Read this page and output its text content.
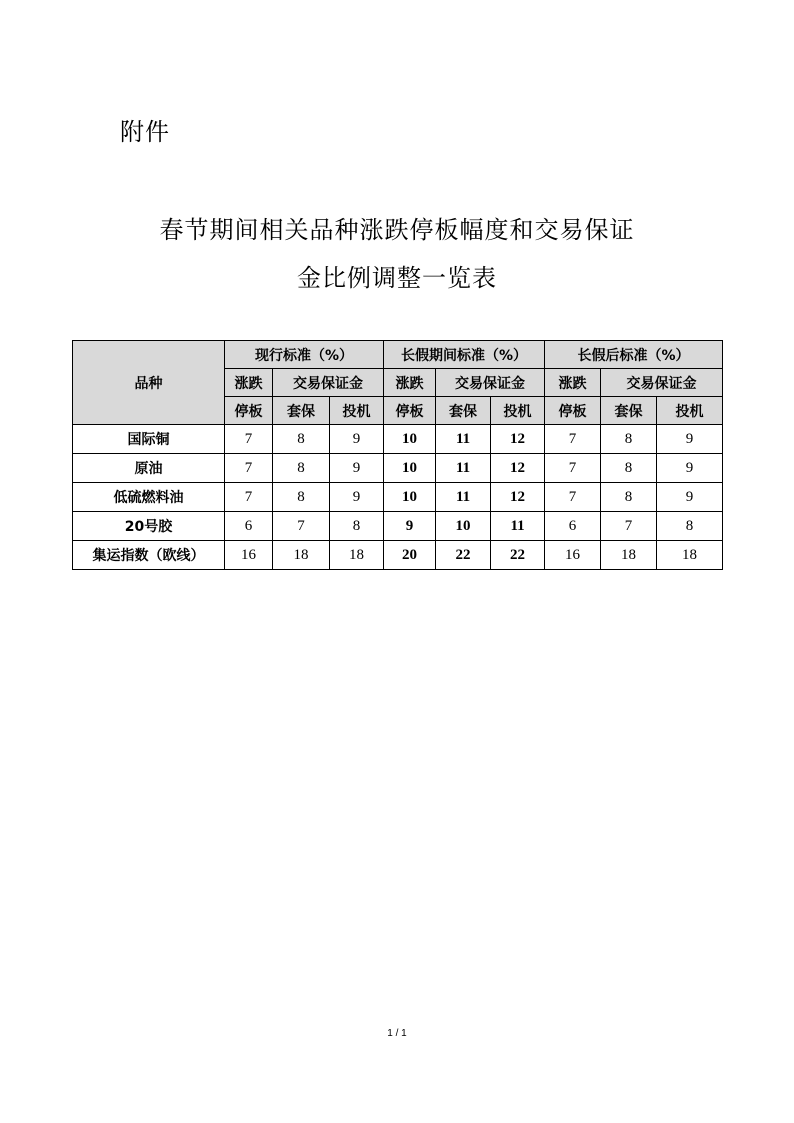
附件
春节期间相关品种涨跌停板幅度和交易保证
金比例调整一览表
品种	现行标准（%）			长假期间标准（%）			长假后标准（%）		
	涨跌	交易保证金		涨跌	交易保证金		涨跌	交易保证金	
	停板	套保	投机	停板	套保	投机	停板	套保	投机
国际铜	7	8	9	10	11	12	7	8	9
原油	7	8	9	10	11	12	7	8	9
低硫燃料油	7	8	9	10	11	12	7	8	9
20号胶	6	7	8	9	10	11	6	7	8
集运指数（欧线）	16	18	18	20	22	22	16	18	18
1 / 1
